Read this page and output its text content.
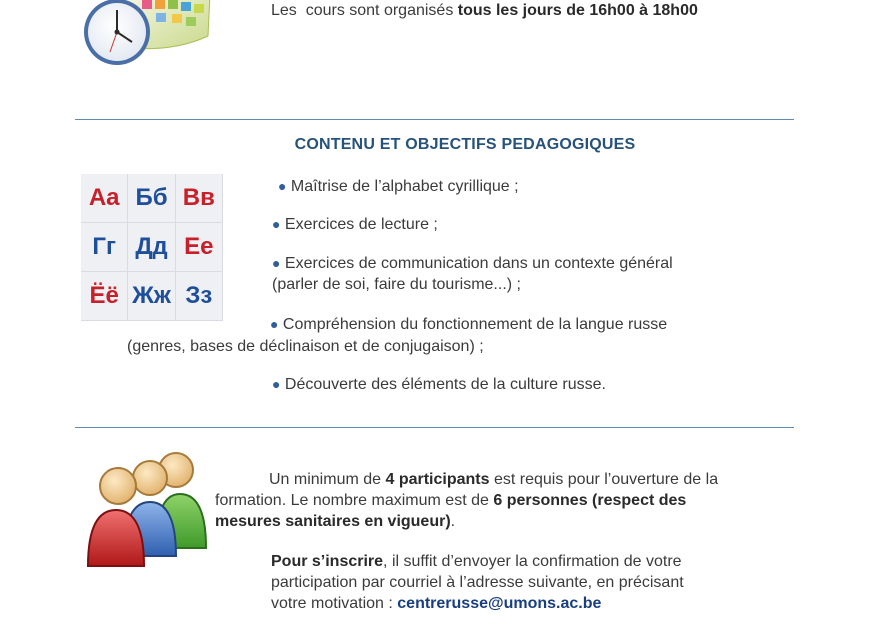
Les  cours sont organisés tous les jours de 16h00 à 18h00
CONTENU ET OBJECTIFS PEDAGOGIQUES
Aa Бб Вв
Гг Дд Ее
Ёё Жж Зз
● Maîtrise de l’alphabet cyrillique ;
● Exercices de lecture ;
● Exercices de communication dans un contexte général
(parler de soi, faire du tourisme...) ;
● Compréhension du fonctionnement de la langue russe
(genres, bases de déclinaison et de conjugaison) ;
● Découverte des éléments de la culture russe.
Un minimum de 4 participants est requis pour l’ouverture de la
formation. Le nombre maximum est de 6 personnes (respect des
mesures sanitaires en vigueur).
Pour s’inscrire, il suffit d’envoyer la confirmation de votre
participation par courriel à l’adresse suivante, en précisant
votre motivation : centrerusse@umons.ac.be
